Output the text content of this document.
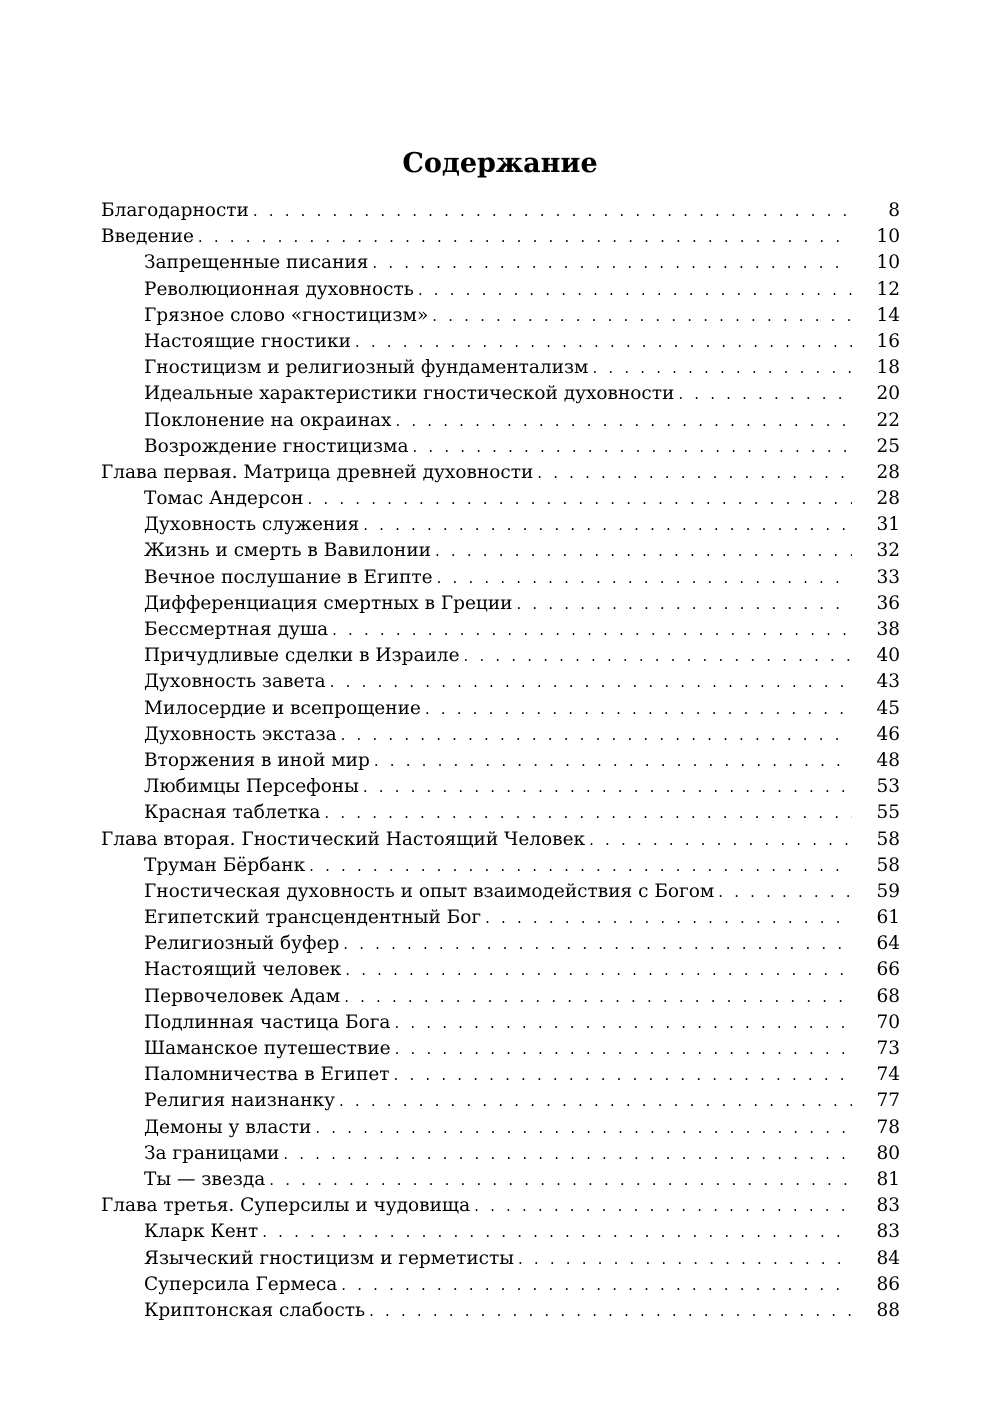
Содержание
Благодарности . . .	8
Введение . . .	10
Запрещенные писания . . .	10
Революционная духовность . . .	12
Грязное слово «гностицизм» . . .	14
Настоящие гностики . . .	16
Гностицизм и религиозный фундаментализм . . .	18
Идеальные характеристики гностической духовности . . .	20
Поклонение на окраинах . . .	22
Возрождение гностицизма . . .	25
Глава первая. Матрица древней духовности . . .	28
Томас Андерсон . . .	28
Духовность служения . . .	31
Жизнь и смерть в Вавилонии . . .	32
Вечное послушание в Египте . . .	33
Дифференциация смертных в Греции . . .	36
Бессмертная душа . . .	38
Причудливые сделки в Израиле . . .	40
Духовность завета . . .	43
Милосердие и всепрощение . . .	45
Духовность экстаза . . .	46
Вторжения в иной мир . . .	48
Любимцы Персефоны . . .	53
Красная таблетка . . .	55
Глава вторая. Гностический Настоящий Человек . . .	58
Труман Бёрбанк . . .	58
Гностическая духовность и опыт взаимодействия с Богом . . .	59
Египетский трансцендентный Бог . . .	61
Религиозный буфер . . .	64
Настоящий человек . . .	66
Первочеловек Адам . . .	68
Подлинная частица Бога . . .	70
Шаманское путешествие . . .	73
Паломничества в Египет . . .	74
Религия наизнанку . . .	77
Демоны у власти . . .	78
За границами . . .	80
Ты — звезда . . .	81
Глава третья. Суперсилы и чудовища . . .	83
Кларк Кент . . .	83
Языческий гностицизм и герметисты . . .	84
Суперсила Гермеса . . .	86
Криптонская слабость . . .	88
